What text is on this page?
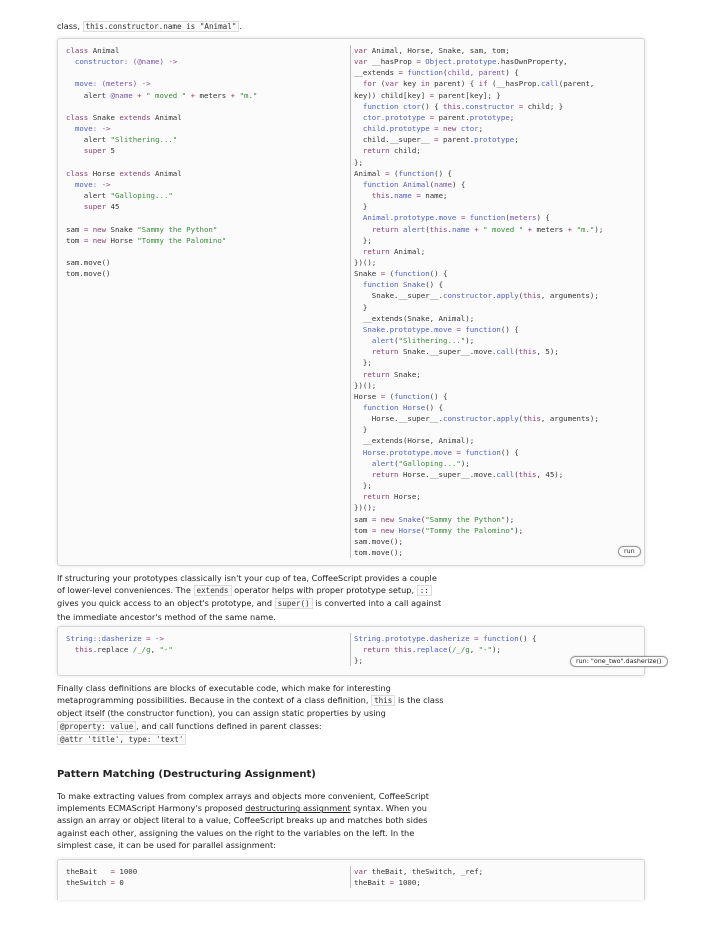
class, this.constructor.name is "Animal" .
class Animal
constructor: (@name) ->

move: (meters) ->
alert @name + " moved " + meters + "m."

class Snake extends Animal
move: ->
alert "Slithering..."
super 5

class Horse extends Animal
move: ->
alert "Galloping..."
super 45

sam = new Snake "Sammy the Python"
tom = new Horse "Tommy the Palomino"

sam.move()
tom.move()
var Animal, Horse, Snake, sam, tom;
var __hasProp = Object.prototype.hasOwnProperty,
__extends = function(child, parent) {
for (var key in parent) { if (__hasProp.call(parent,
key)) child[key] = parent[key]; }
function ctor() { this.constructor = child; }
ctor.prototype = parent.prototype;
child.prototype = new ctor;
child.__super__ = parent.prototype;
return child;
};
Animal = (function() {
function Animal(name) {
this.name = name;
}
Animal.prototype.move = function(meters) {
return alert(this.name + " moved " + meters + "m.");
};
return Animal;
})();
Snake = (function() {
function Snake() {
Snake.__super__.constructor.apply(this, arguments);
}
__extends(Snake, Animal);
Snake.prototype.move = function() {
alert("Slithering...");
return Snake.__super__.move.call(this, 5);
};
return Snake;
})();
Horse = (function() {
function Horse() {
Horse.__super__.constructor.apply(this, arguments);
}
__extends(Horse, Animal);
Horse.prototype.move = function() {
alert("Galloping...");
return Horse.__super__.move.call(this, 45);
};
return Horse;
})();
sam = new Snake("Sammy the Python");
tom = new Horse("Tommy the Palomino");
sam.move();
tom.move();	run
If structuring your prototypes classically isn't your cup of tea, CoffeeScript provides a couple of lower-level conveniences. The extends operator helps with proper prototype setup, :: gives you quick access to an object's prototype, and super() is converted into a call against the immediate ancestor's method of the same name.
String::dasherize = ->
this.replace /_/g, "-"
String.prototype.dasherize = function() {
return this.replace(/_/g, "-");
};	run: "one_two".dasherize()
Finally class definitions are blocks of executable code, which make for interesting metaprogramming possibilities. Because in the context of a class definition, this is the class object itself (the constructor function), you can assign static properties by using @property: value , and call functions defined in parent classes: @attr 'title', type: 'text'
Pattern Matching (Destructuring Assignment)
To make extracting values from complex arrays and objects more convenient, CoffeeScript implements ECMAScript Harmony's proposed destructuring assignment syntax. When you assign an array or object literal to a value, CoffeeScript breaks up and matches both sides against each other, assigning the values on the right to the variables on the left. In the simplest case, it can be used for parallel assignment:
theBait   = 1000
theSwitch = 0
var theBait, theSwitch, _ref;
theBait = 1000;
